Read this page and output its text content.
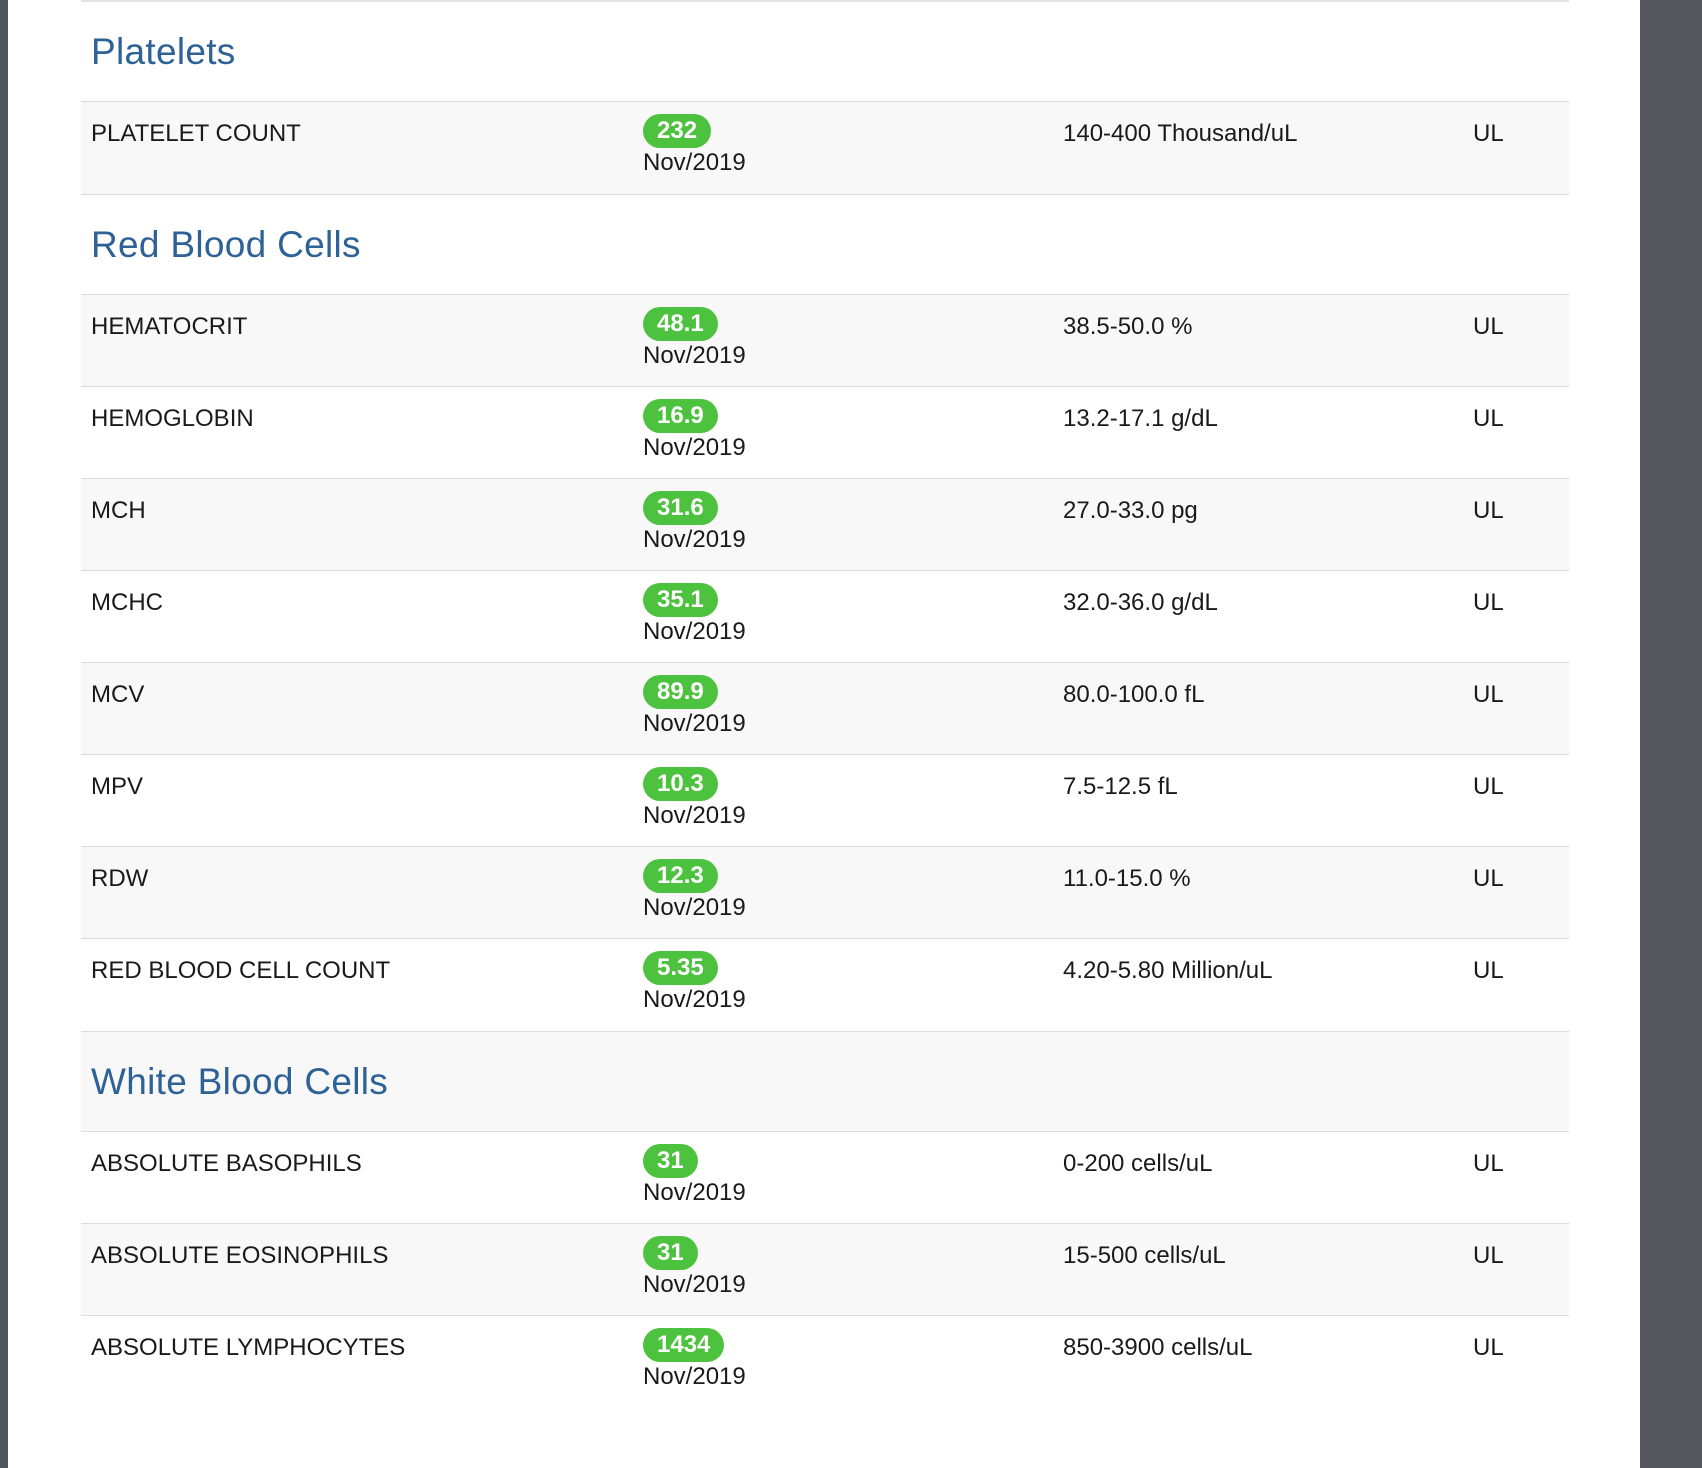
Platelets
PLATELET COUNT	232
Nov/2019
140-400 Thousand/uL	UL
Red Blood Cells
HEMATOCRIT	48.1
Nov/2019
38.5-50.0 %	UL
HEMOGLOBIN	16.9
Nov/2019
13.2-17.1 g/dL	UL
MCH	31.6
Nov/2019
27.0-33.0 pg	UL
MCHC	35.1
Nov/2019
32.0-36.0 g/dL	UL
MCV	89.9
Nov/2019
80.0-100.0 fL	UL
MPV	10.3
Nov/2019
7.5-12.5 fL	UL
RDW	12.3
Nov/2019
11.0-15.0 %	UL
RED BLOOD CELL COUNT	5.35
Nov/2019
4.20-5.80 Million/uL	UL
White Blood Cells
ABSOLUTE BASOPHILS	31
Nov/2019
0-200 cells/uL	UL
ABSOLUTE EOSINOPHILS	31
Nov/2019
15-500 cells/uL	UL
ABSOLUTE LYMPHOCYTES	1434
Nov/2019
850-3900 cells/uL	UL
